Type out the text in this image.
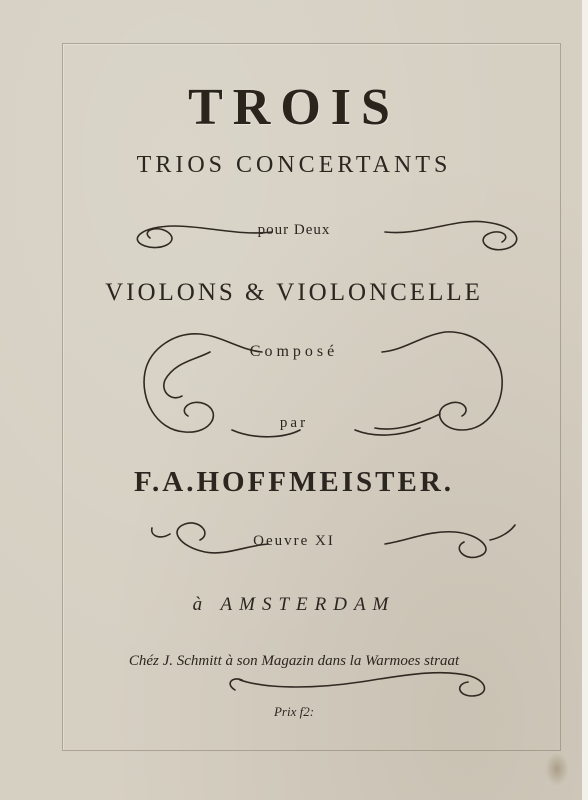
TROIS
TRIOS CONCERTANTS
pour Deux
VIOLONS & VIOLONCELLE
Composé
par
F.A.HOFFMEISTER.
Oeuvre XI
à AMSTERDAM
Chéz J. Schmitt à son Magazin dans la Warmoes straat
Prix f2:
